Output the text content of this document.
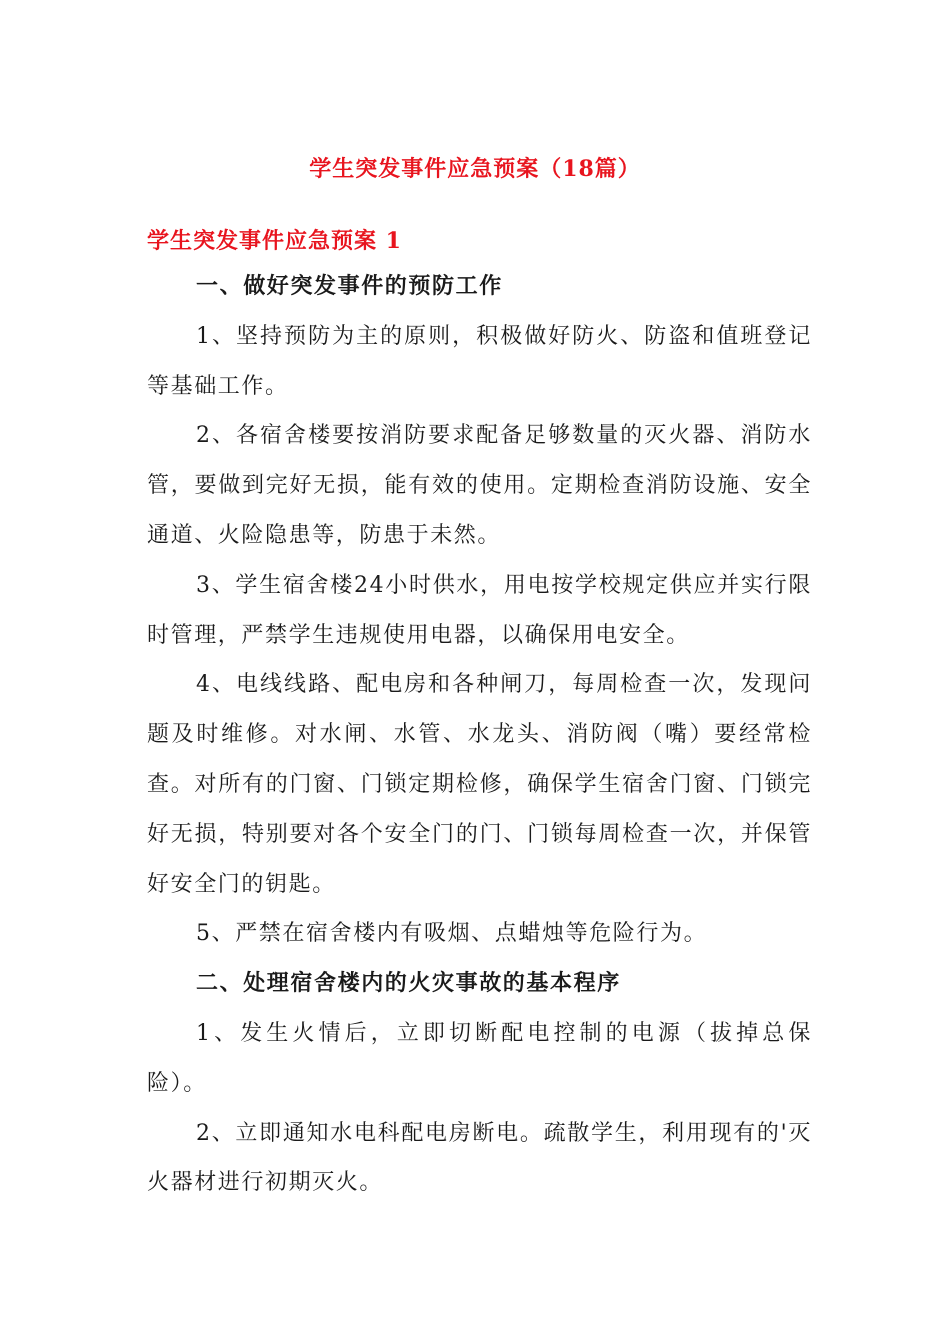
学生突发事件应急预案（18篇）
学生突发事件应急预案 1

一、做好突发事件的预防工作

1、坚持预防为主的原则，积极做好防火、防盗和值班登记等基础工作。

2、各宿舍楼要按消防要求配备足够数量的灭火器、消防水管，要做到完好无损，能有效的使用。定期检查消防设施、安全通道、火险隐患等，防患于未然。

3、学生宿舍楼24小时供水，用电按学校规定供应并实行限时管理，严禁学生违规使用电器，以确保用电安全。

4、电线线路、配电房和各种闸刀，每周检查一次，发现问题及时维修。对水闸、水管、水龙头、消防阀（嘴）要经常检查。对所有的门窗、门锁定期检修，确保学生宿舍门窗、门锁完好无损，特别要对各个安全门的门、门锁每周检查一次，并保管好安全门的钥匙。

5、严禁在宿舍楼内有吸烟、点蜡烛等危险行为。

二、处理宿舍楼内的火灾事故的基本程序

1、发生火情后，立即切断配电控制的电源（拔掉总保险）。

2、立即通知水电科配电房断电。疏散学生，利用现有的'灭火器材进行初期灭火。
